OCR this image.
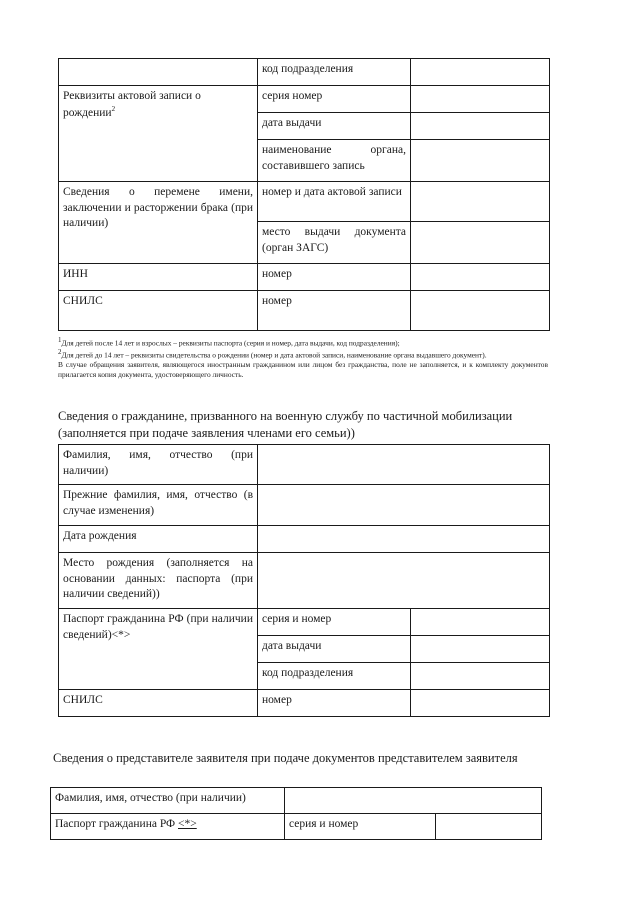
	код подразделения	
Реквизиты актовой записи о рождении$^2$	серия номер	
	дата выдачи	
	наименование органа, составившего запись	
Сведения о перемене имени, заключении и расторжении брака (при наличии)	номер и дата актовой записи	
	место выдачи документа (орган ЗАГС)	
ИНН	номер	
СНИЛС	номер	

1Для детей после 14 лет и взрослых – реквизиты паспорта (серия и номер, дата выдачи, код подразделения);

2Для детей до 14 лет – реквизиты свидетельства о рождении (номер и дата актовой записи, наименование органа выдавшего документ).

В случае обращения заявителя, являющегося иностранным гражданином или лицом без гражданства, поле не заполняется, и к комплекту документов прилагается копия документа, удостоверяющего личность.

Сведения о гражданине, призванного на военную службу по частичной мобилизации (заполняется при подаче заявления членами его семьи))
Фамилия, имя, отчество (при наличии)		
Прежние фамилия, имя, отчество (в случае изменения)		
Дата рождения		
Место рождения (заполняется на основании данных: паспорта (при наличии сведений))		
Паспорт гражданина РФ (при наличии сведений)<*>	серия и номер	
	дата выдачи	
	код подразделения	
СНИЛС	номер	
Сведения о представителе заявителя при подаче документов представителем заявителя
Фамилия, имя, отчество (при наличии)		
Паспорт гражданина РФ <*>	серия и номер	
